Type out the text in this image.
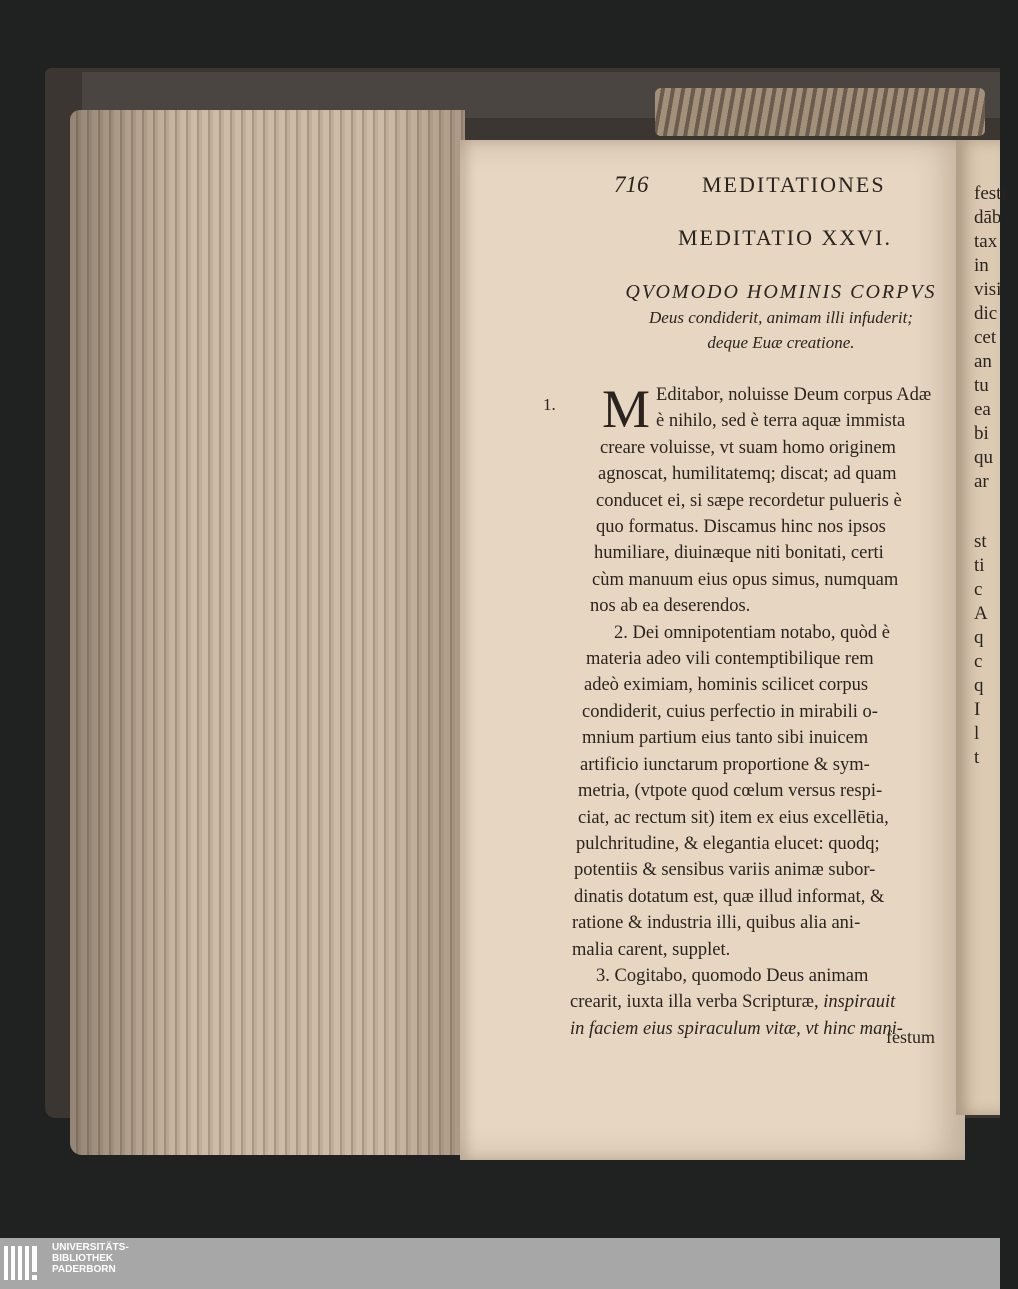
festi
dāb
tax
in
visi
dic
cet
an
tu
ea
bi
qu
ar

st
ti
c
A
q
c
q
I
l
t
716 MEDITATIONES
MEDITATIO XXVI.
QVOMODO HOMINIS CORPVS
Deus condiderit, animam illi infuderit;
deque Euæ creatione.
1. M Editabor, noluisse Deum corpus Adæ
è nihilo, sed è terra aquæ immista
creare voluisse, vt suam homo originem
agnoscat, humilitatemq; discat; ad quam
conducet ei, si sæpe recordetur pulueris è
quo formatus. Discamus hinc nos ipsos
humiliare, diuinæque niti bonitati, certi
cùm manuum eius opus simus, numquam
nos ab ea deserendos.
2. Dei omnipotentiam notabo, quòd è
materia adeo vili contemptibilique rem
adeò eximiam, hominis scilicet corpus
condiderit, cuius perfectio in mirabili o-
mnium partium eius tanto sibi inuicem
artificio iunctarum proportione & sym-
metria, (vtpote quod cœlum versus respi-
ciat, ac rectum sit) item ex eius excellētia,
pulchritudine, & elegantia elucet: quodq;
potentiis & sensibus variis animæ subor-
dinatis dotatum est, quæ illud informat, &
ratione & industria illi, quibus alia ani-
malia carent, supplet.
3. Cogitabo, quomodo Deus animam
crearit, iuxta illa verba Scripturæ, inspirauit
in faciem eius spiraculum vitæ, vt hinc mani-
festum
UNIVERSITÄTS-
BIBLIOTHEK
PADERBORN
